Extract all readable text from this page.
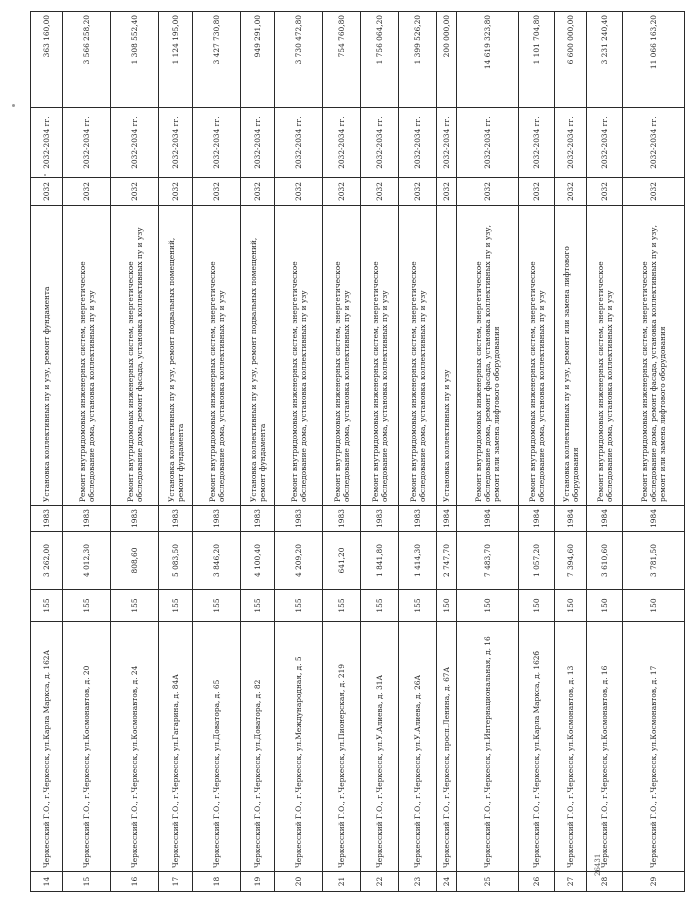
14	Черкесский Г.О., г.Черкесск, ул.Карла Маркса, д. 162А	155	3 262,00	1983	Установка коллективных пу и узу, ремонт фундамента	2032	2032-2034 гг.	363 160,00
15	Черкесский Г.О., г.Черкесск, ул.Космонавтов, д. 20	155	4 012,30	1983	Ремонт внутридомовых инженерных систем, энергетическое обследование дома, установка коллективных пу и узу	2032	2032-2034 гг.	3 566 258,20
16	Черкесский Г.О., г.Черкесск, ул.Космонавтов, д. 24	155	808,60	1983	Ремонт внутридомовых инженерных систем, энергетическое обследование дома, ремонт фасада, установка коллективных пу и узу	2032	2032-2034 гг.	1 308 552,40
17	Черкесский Г.О., г.Черкесск, ул.Гагарина, д. 84А	155	5 083,50	1983	Установка коллективных пу и узу, ремонт подвальных помещений, ремонт фундамента	2032	2032-2034 гг.	1 124 195,00
18	Черкесский Г.О., г.Черкесск, ул.Доватора, д. 65	155	3 846,20	1983	Ремонт внутридомовых инженерных систем, энергетическое обследование дома, установка коллективных пу и узу	2032	2032-2034 гг.	3 427 730,80
19	Черкесский Г.О., г.Черкесск, ул.Доватора, д. 82	155	4 100,40	1983	Установка коллективных пу и узу, ремонт подвальных помещений, ремонт фундамента	2032	2032-2034 гг.	949 291,00
20	Черкесский Г.О., г.Черкесск, ул.Международная, д. 5	155	4 209,20	1983	Ремонт внутридомовых инженерных систем, энергетическое обследование дома, установка коллективных пу и узу	2032	2032-2034 гг.	3 730 472,80
21	Черкесский Г.О., г.Черкесск, ул.Пионерская, д. 219	155	641,20	1983	Ремонт внутридомовых инженерных систем, энергетическое обследование дома, установка коллективных пу и узу	2032	2032-2034 гг.	754 760,80
22	Черкесский Г.О., г.Черкесск, ул.У.Алиева, д. 31А	155	1 841,80	1983	Ремонт внутридомовых инженерных систем, энергетическое обследование дома, установка коллективных пу и узу	2032	2032-2034 гг.	1 756 064,20
23	Черкесский Г.О., г.Черкесск, ул.У.Алиева, д. 26А	155	1 414,30	1983	Ремонт внутридомовых инженерных систем, энергетическое обследование дома, установка коллективных пу и узу	2032	2032-2034 гг.	1 399 526,20
24	Черкесский Г.О., г.Черкесск, просп.Ленина, д. 67А	150	2 747,70	1984	Установка коллективных пу и узу	2032	2032-2034 гг.	200 000,00
25	Черкесский Г.О., г.Черкесск, ул.Интернациональная, д. 16	150	7 483,70	1984	Ремонт внутридомовых инженерных систем, энергетическое обследование дома, ремонт фасада, установка коллективных пу и узу, ремонт или замена лифтового оборудования	2032	2032-2034 гг.	14 619 323,80
26	Черкесский Г.О., г.Черкесск, ул.Карла Маркса, д. 162б	150	1 057,20	1984	Ремонт внутридомовых инженерных систем, энергетическое обследование дома, установка коллективных пу и узу	2032	2032-2034 гг.	1 101 704,80
27	Черкесский Г.О., г.Черкесск, ул.Космонавтов, д. 13	150	7 394,60	1984	Установка коллективных пу и узу, ремонт или замена лифтового оборудования	2032	2032-2034 гг.	6 600 000,00
28	Черкесский Г.О., г.Черкесск, ул.Космонавтов, д. 16	150	3 610,60	1984	Ремонт внутридомовых инженерных систем, энергетическое обследование дома, установка коллективных пу и узу	2032	2032-2034 гг.	3 231 240,40
29	Черкесский Г.О., г.Черкесск, ул.Космонавтов, д. 17	150	3 781,50	1984	Ремонт внутридомовых инженерных систем, энергетическое обследование дома, ремонт фасада, установка коллективных пу и узу, ремонт или замена лифтового оборудования	2032	2032-2034 гг.	11 066 163,20
26431
